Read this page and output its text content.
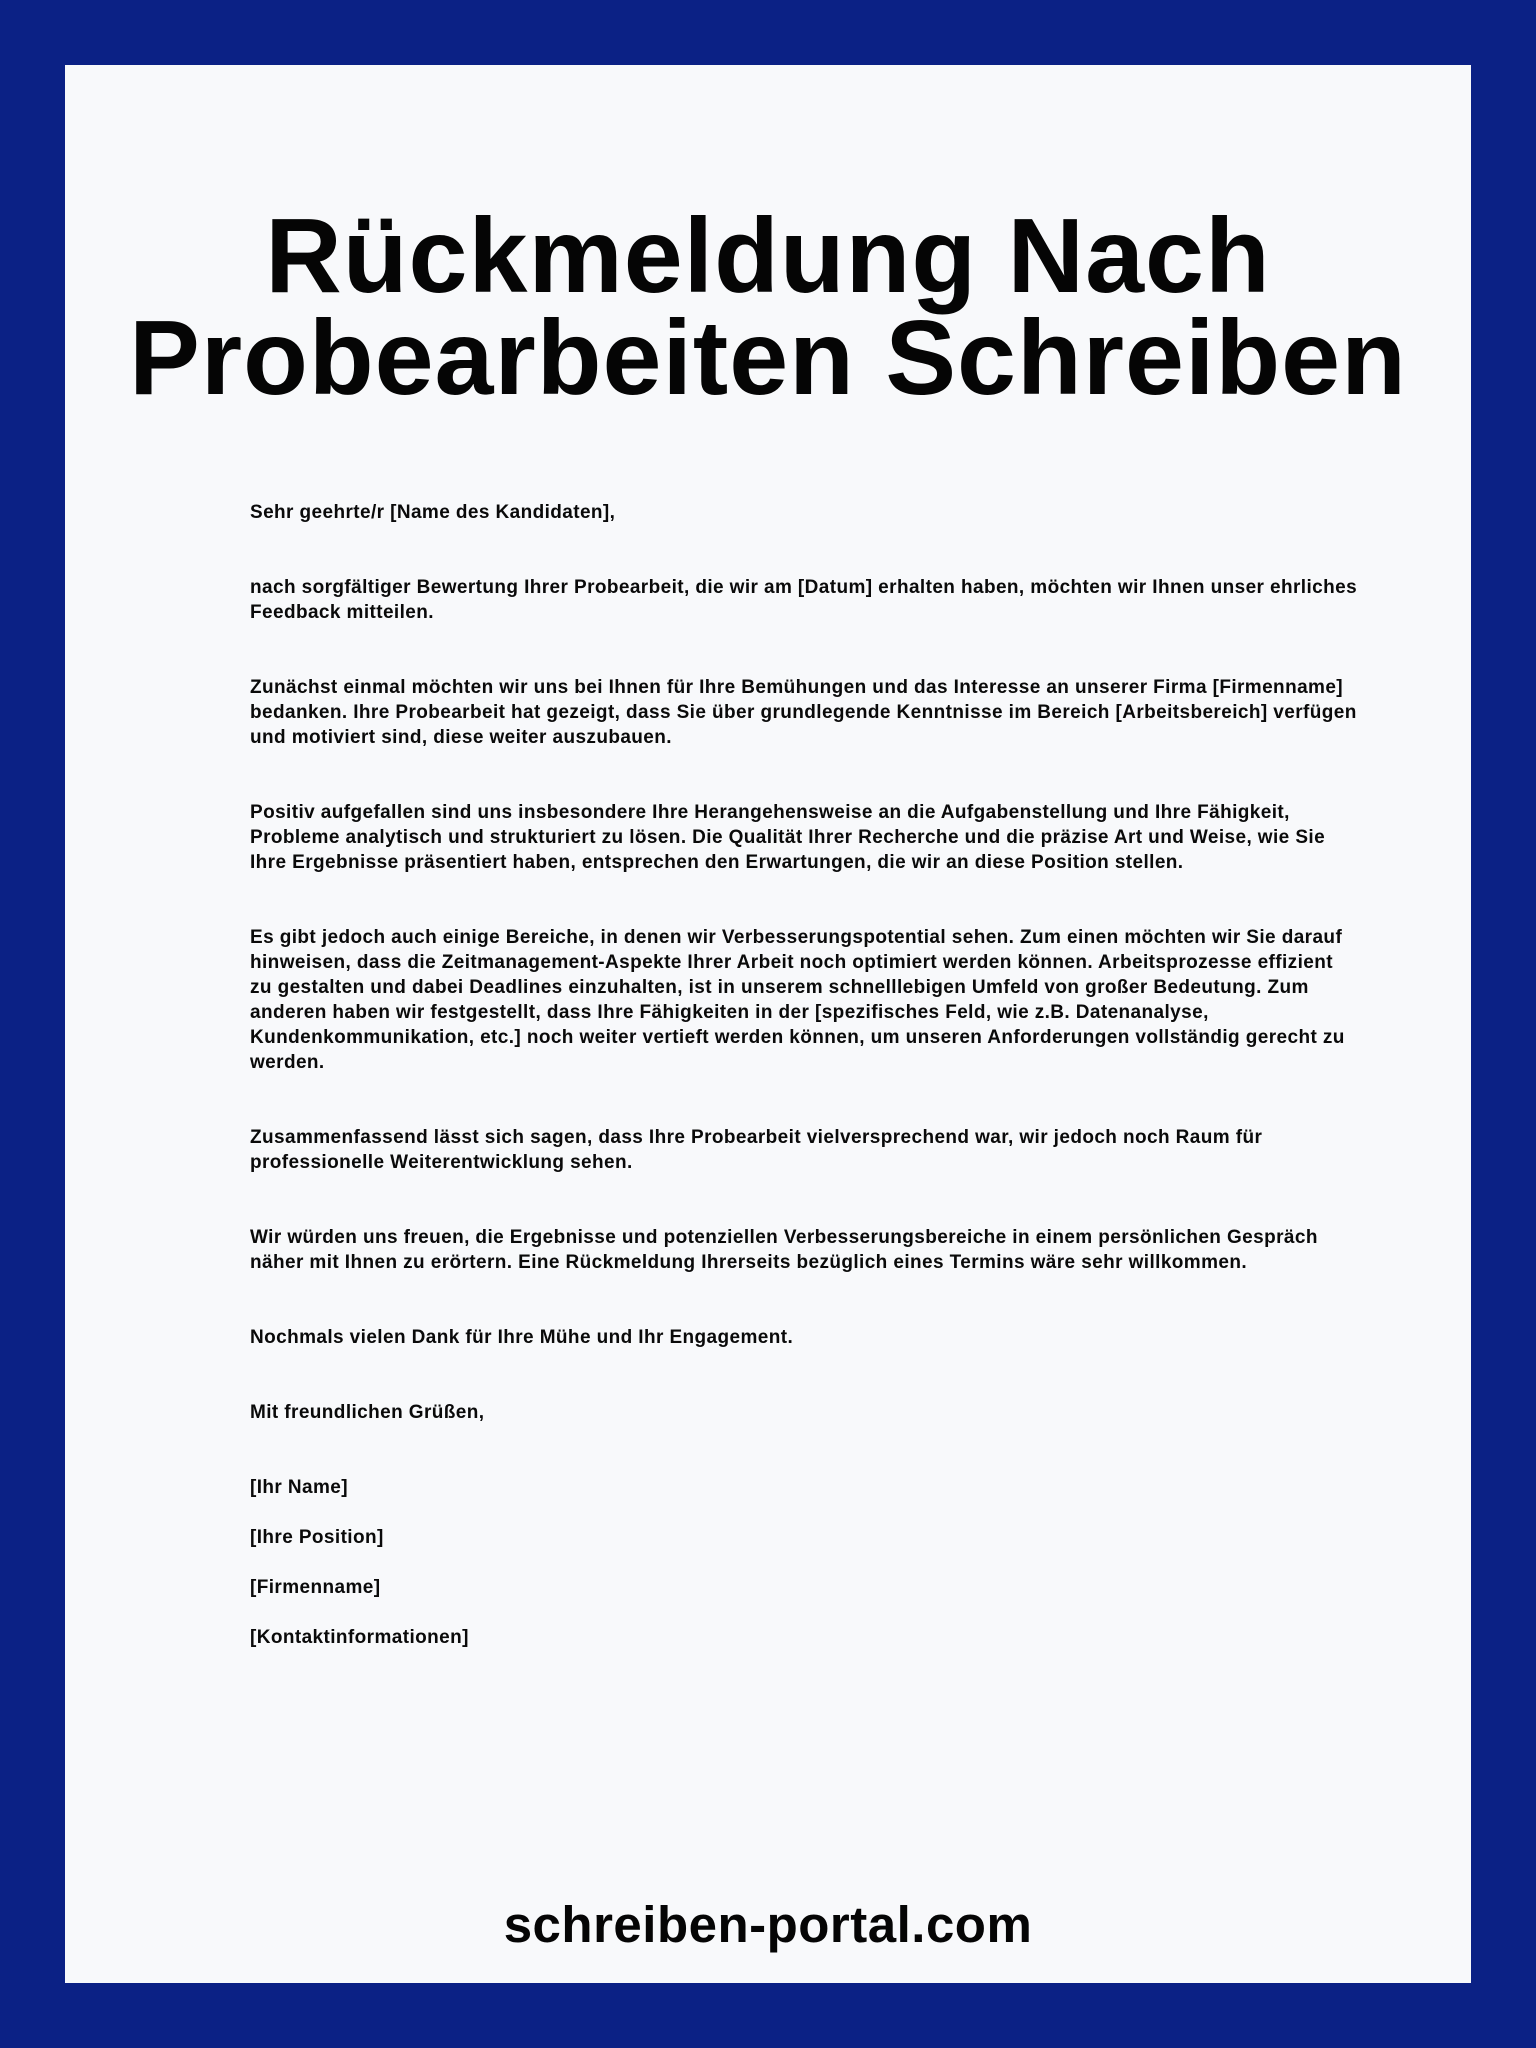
Rückmeldung Nach
Probearbeiten Schreiben

Sehr geehrte/r [Name des Kandidaten],

nach sorgfältiger Bewertung Ihrer Probearbeit, die wir am [Datum] erhalten haben, möchten wir Ihnen unser ehrliches Feedback mitteilen.

Zunächst einmal möchten wir uns bei Ihnen für Ihre Bemühungen und das Interesse an unserer Firma [Firmenname] bedanken. Ihre Probearbeit hat gezeigt, dass Sie über grundlegende Kenntnisse im Bereich [Arbeitsbereich] verfügen und motiviert sind, diese weiter auszubauen.

Positiv aufgefallen sind uns insbesondere Ihre Herangehensweise an die Aufgabenstellung und Ihre Fähigkeit, Probleme analytisch und strukturiert zu lösen. Die Qualität Ihrer Recherche und die präzise Art und Weise, wie Sie Ihre Ergebnisse präsentiert haben, entsprechen den Erwartungen, die wir an diese Position stellen.

Es gibt jedoch auch einige Bereiche, in denen wir Verbesserungspotential sehen. Zum einen möchten wir Sie darauf hinweisen, dass die Zeitmanagement-Aspekte Ihrer Arbeit noch optimiert werden können. Arbeitsprozesse effizient zu gestalten und dabei Deadlines einzuhalten, ist in unserem schnelllebigen Umfeld von großer Bedeutung. Zum anderen haben wir festgestellt, dass Ihre Fähigkeiten in der [spezifisches Feld, wie z.B. Datenanalyse, Kundenkommunikation, etc.] noch weiter vertieft werden können, um unseren Anforderungen vollständig gerecht zu werden.

Zusammenfassend lässt sich sagen, dass Ihre Probearbeit vielversprechend war, wir jedoch noch Raum für professionelle Weiterentwicklung sehen.

Wir würden uns freuen, die Ergebnisse und potenziellen Verbesserungsbereiche in einem persönlichen Gespräch näher mit Ihnen zu erörtern. Eine Rückmeldung Ihrerseits bezüglich eines Termins wäre sehr willkommen.

Nochmals vielen Dank für Ihre Mühe und Ihr Engagement.

Mit freundlichen Grüßen,

[Ihr Name]

[Ihre Position]

[Firmenname]

[Kontaktinformationen]

schreiben-portal.com
